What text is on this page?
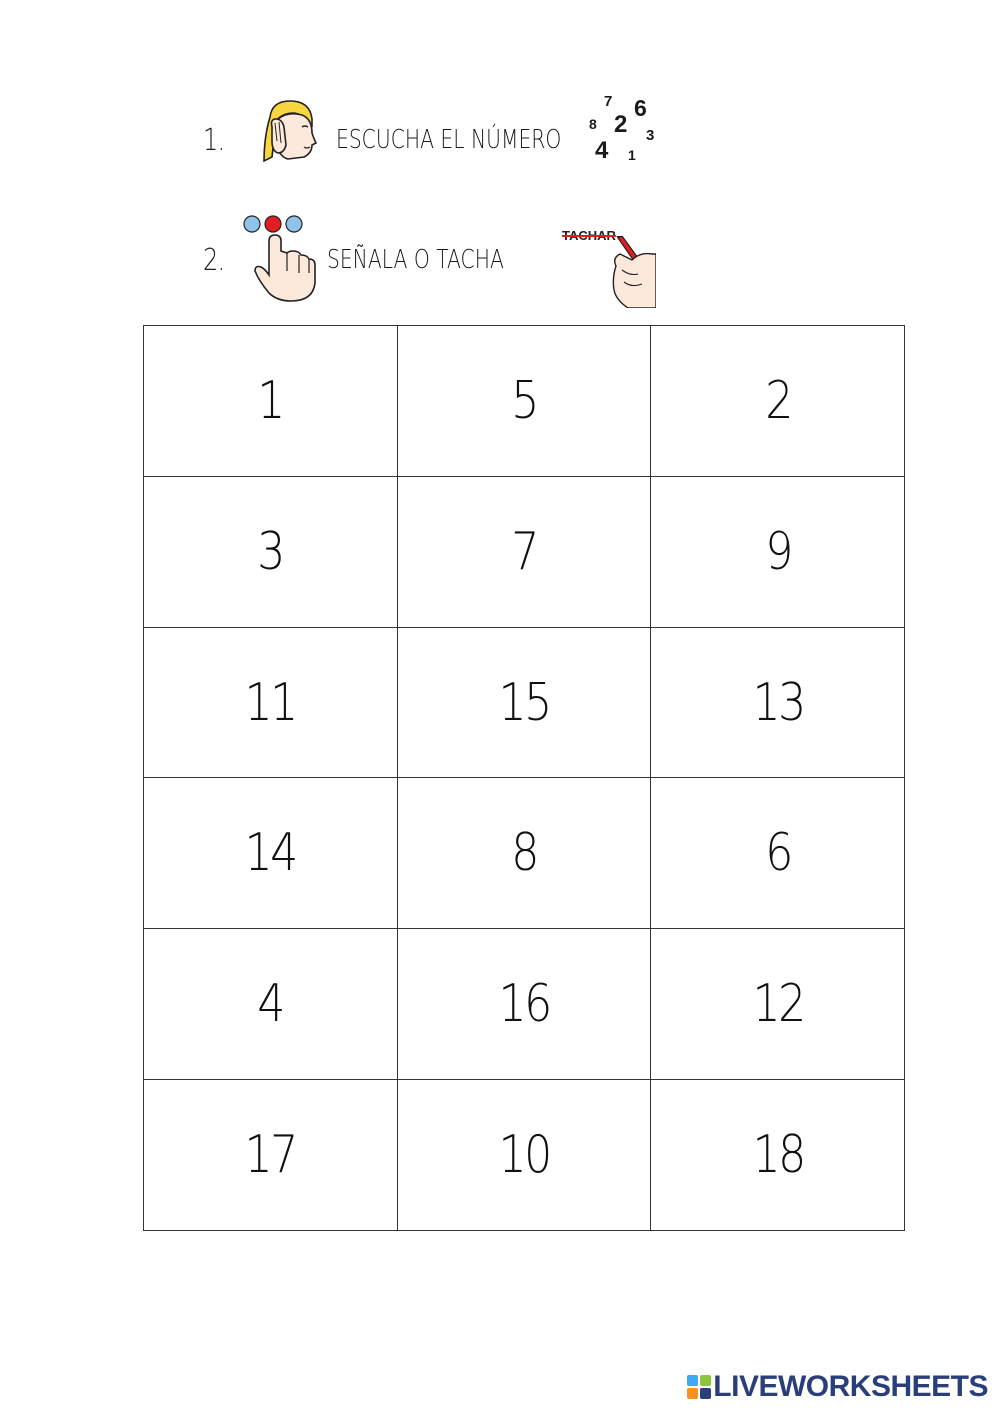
1.	ESCUCHA EL NÚMERO
7 6
8 2 3
4 1
2.	SEÑALA O TACHA
TACHAR
1	5	2
3	7	9
11	15	13
14	8	6
4	16	12
17	10	18
LIVEWORKSHEETS
